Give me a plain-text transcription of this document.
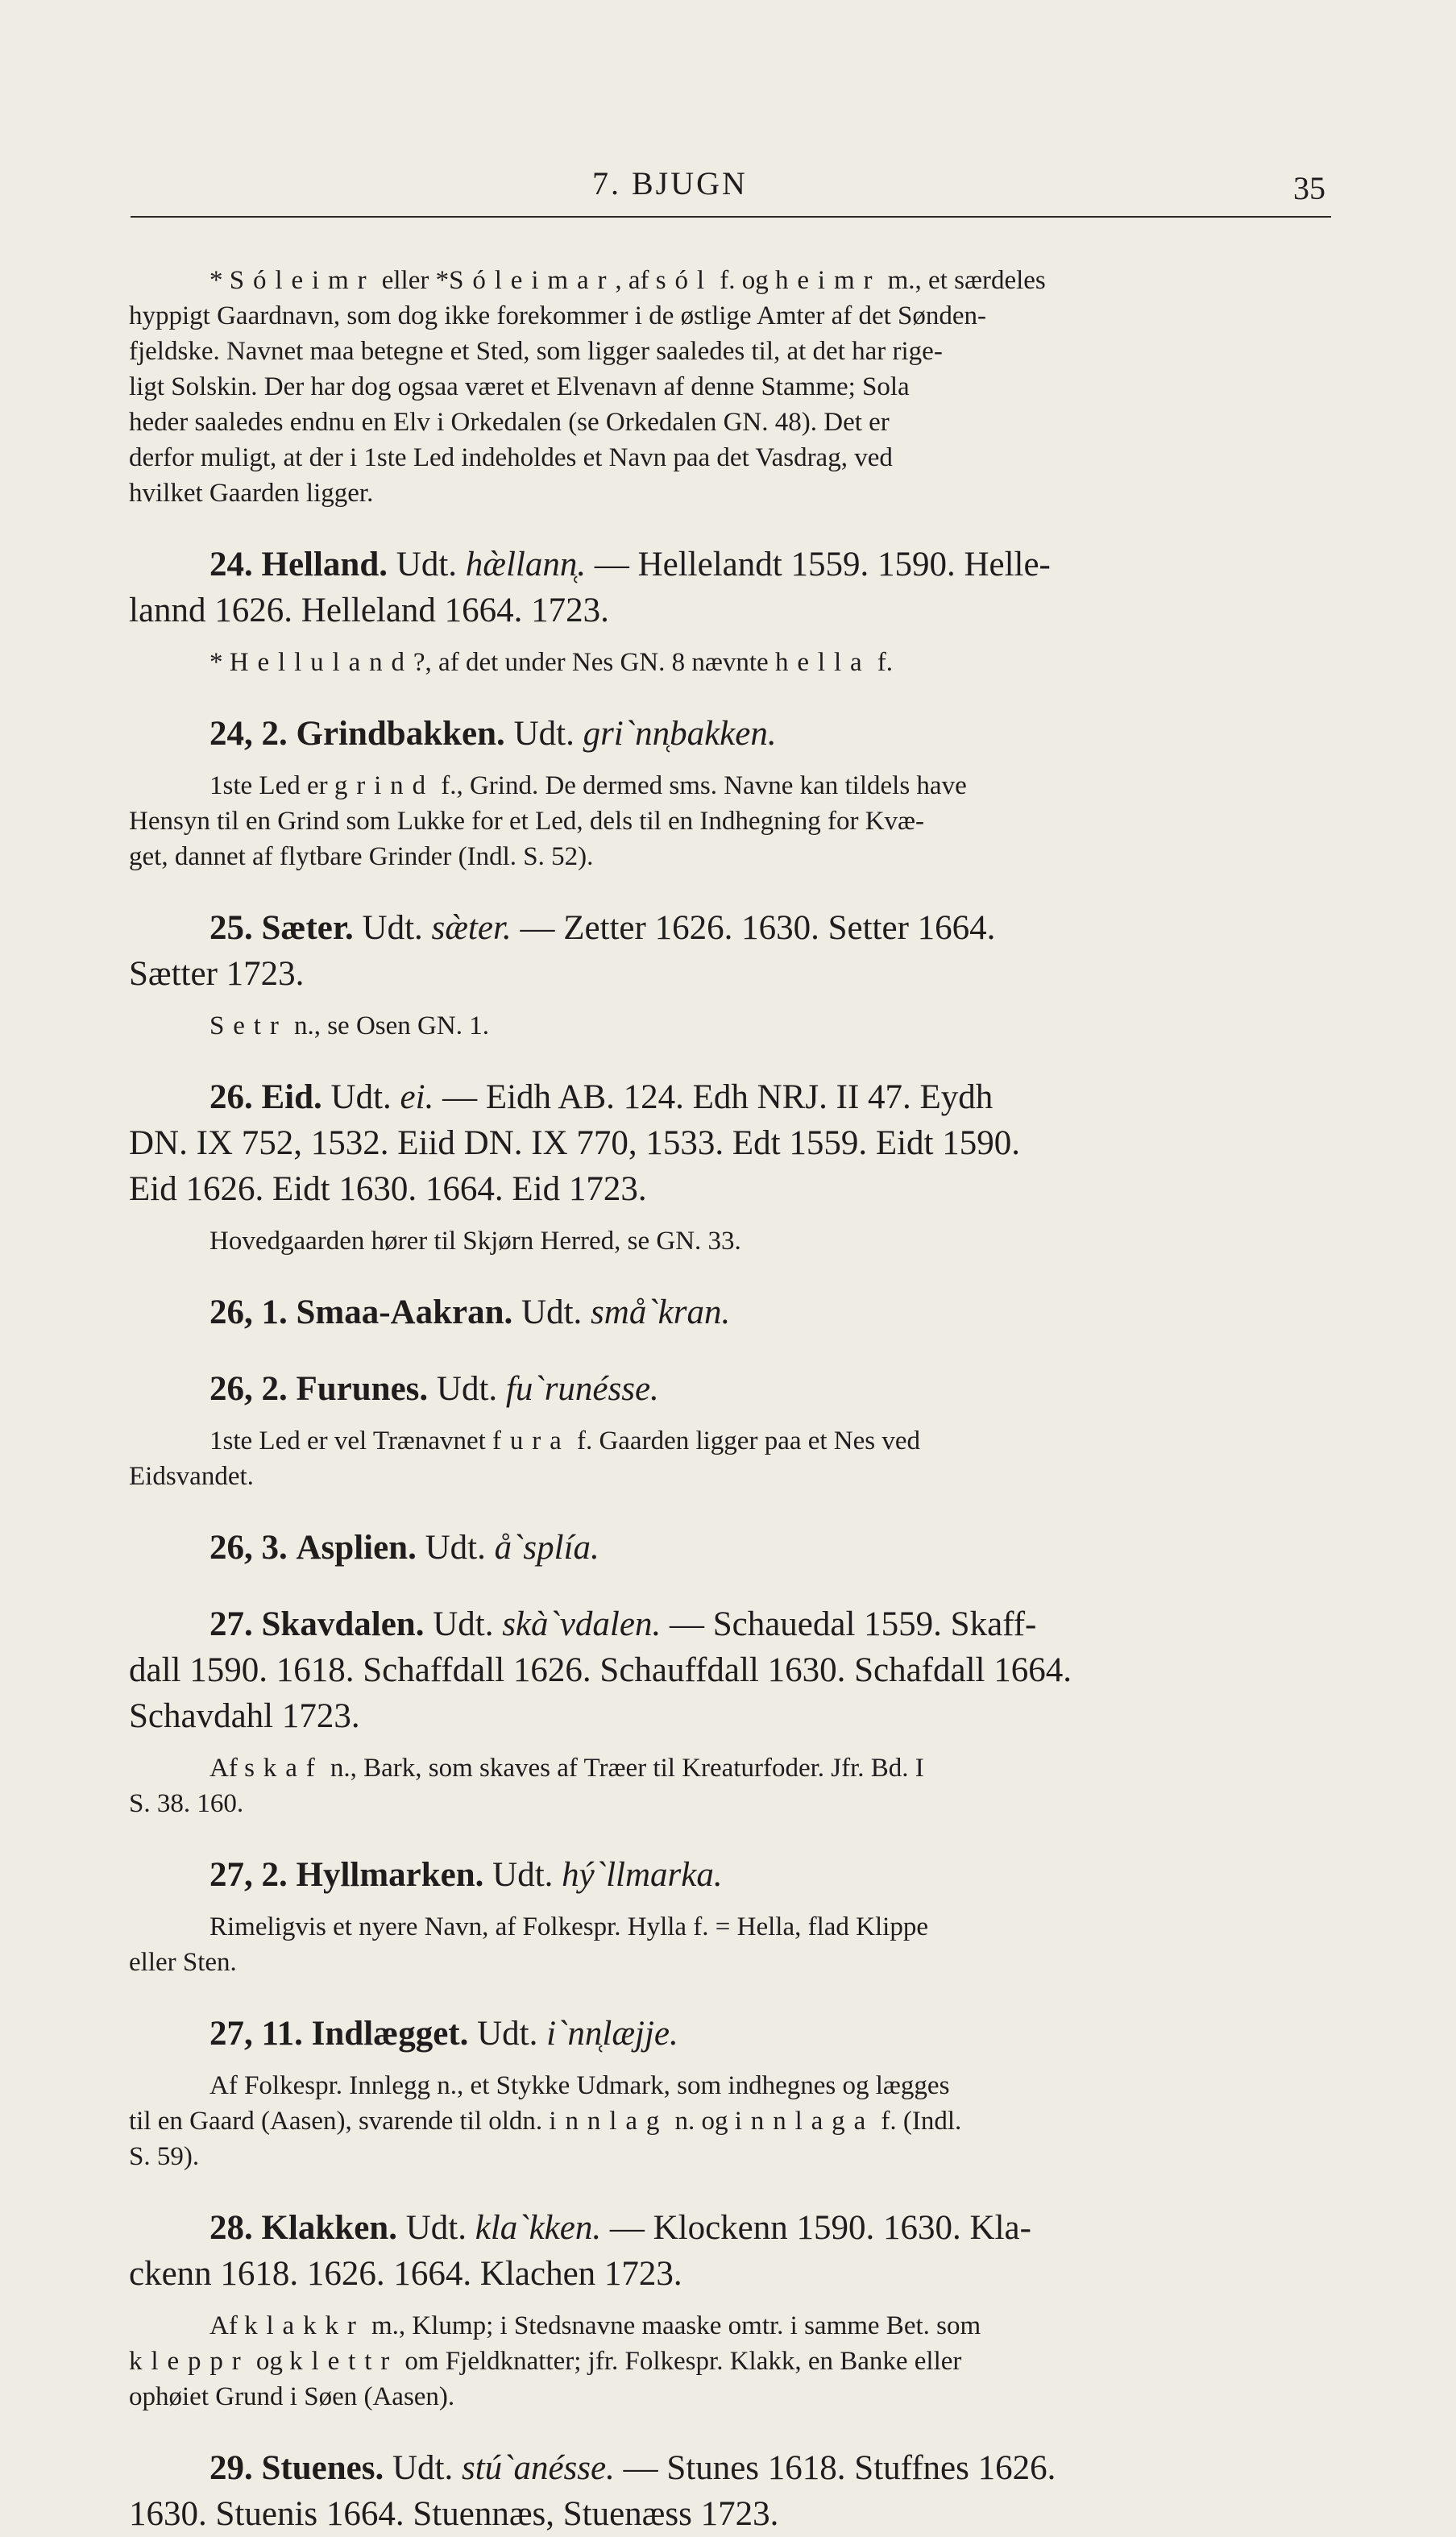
7. BJUGN	35
* Sóleimr eller *Sóleimar, af sól f. og heimr m., et særdeles
hyppigt Gaardnavn, som dog ikke forekommer i de østlige Amter af det Sønden-
fjeldske. Navnet maa betegne et Sted, som ligger saaledes til, at det har rige-
ligt Solskin. Der har dog ogsaa været et Elvenavn af denne Stamme; Sola
heder saaledes endnu en Elv i Orkedalen (se Orkedalen GN. 48). Det er
derfor muligt, at der i 1ste Led indeholdes et Navn paa det Vasdrag, ved
hvilket Gaarden ligger.
24. Helland. Udt. hæ̀llann̜. — Hellelandt 1559. 1590. Helle-
lannd 1626. Helleland 1664. 1723.
* Helluland?, af det under Nes GN. 8 nævnte hella f.
24, 2. Grindbakken. Udt. gri`nn̜bakken.
1ste Led er grind f., Grind. De dermed sms. Navne kan tildels have
Hensyn til en Grind som Lukke for et Led, dels til en Indhegning for Kvæ-
get, dannet af flytbare Grinder (Indl. S. 52).
25. Sæter. Udt. sæ̀ter. — Zetter 1626. 1630. Setter 1664.
Sætter 1723.
Setr n., se Osen GN. 1.
26. Eid. Udt. ei. — Eidh AB. 124. Edh NRJ. II 47. Eydh
DN. IX 752, 1532. Eiid DN. IX 770, 1533. Edt 1559. Eidt 1590.
Eid 1626. Eidt 1630. 1664. Eid 1723.
Hovedgaarden hører til Skjørn Herred, se GN. 33.
26, 1. Smaa-Aakran. Udt. små`kran.
26, 2. Furunes. Udt. fu`runésse.
1ste Led er vel Trænavnet fura f. Gaarden ligger paa et Nes ved
Eidsvandet.
26, 3. Asplien. Udt. å`splía.
27. Skavdalen. Udt. skà`vdalen. — Schauedal 1559. Skaff-
dall 1590. 1618. Schaffdall 1626. Schauffdall 1630. Schafdall 1664.
Schavdahl 1723.
Af skaf n., Bark, som skaves af Træer til Kreaturfoder. Jfr. Bd. I
S. 38. 160.
27, 2. Hyllmarken. Udt. hý`llmarka.
Rimeligvis et nyere Navn, af Folkespr. Hylla f. = Hella, flad Klippe
eller Sten.
27, 11. Indlægget. Udt. i`nn̜læjje.
Af Folkespr. Innlegg n., et Stykke Udmark, som indhegnes og lægges
til en Gaard (Aasen), svarende til oldn. innlag n. og innlaga f. (Indl.
S. 59).
28. Klakken. Udt. kla`kken. — Klockenn 1590. 1630. Kla-
ckenn 1618. 1626. 1664. Klachen 1723.
Af klakkr m., Klump; i Stedsnavne maaske omtr. i samme Bet. som
kleppr og klettr om Fjeldknatter; jfr. Folkespr. Klakk, en Banke eller
ophøiet Grund i Søen (Aasen).
29. Stuenes. Udt. stú`anésse. — Stunes 1618. Stuffnes 1626.
1630. Stuenis 1664. Stuennæs, Stuenæss 1723.
